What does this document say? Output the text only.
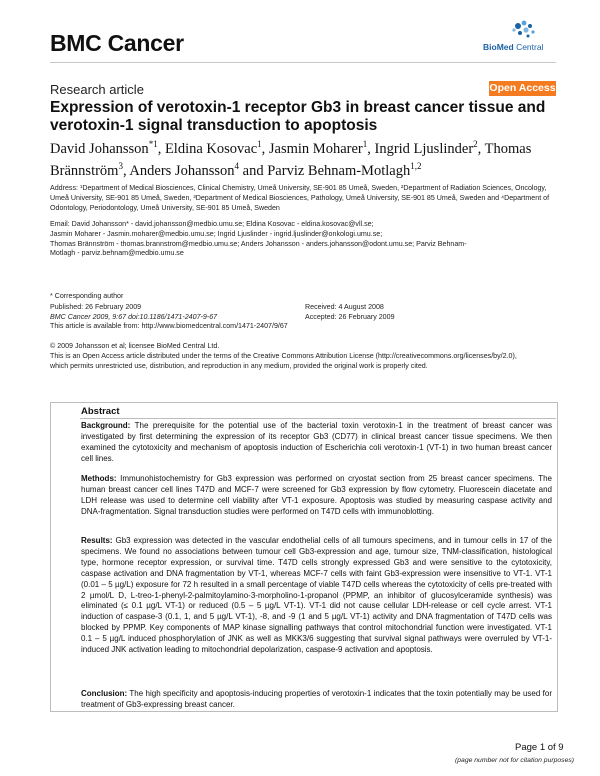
BMC Cancer	BioMed Central
Research article	Open Access
Expression of verotoxin-1 receptor Gb3 in breast cancer tissue and verotoxin-1 signal transduction to apoptosis
David Johansson$^{*1}$, Eldina Kosovac$^1$, Jasmin Moharer$^1$, Ingrid Ljuslinder$^2$, Thomas Brännström$^3$, Anders Johansson$^4$ and Parviz Behnam-Motlagh$^{1,2}$
Address: ¹Department of Medical Biosciences, Clinical Chemistry, Umeå University, SE-901 85 Umeå, Sweden, ²Department of Radiation Sciences, Oncology, Umeå University, SE-901 85 Umeå, Sweden, ³Department of Medical Biosciences, Pathology, Umeå University, SE-901 85 Umeå, Sweden and ⁴Department of Odontology, Periodontology, Umeå University, SE-901 85 Umeå, Sweden
Email: David Johansson* - david.johansson@medbio.umu.se; Eldina Kosovac - eldina.kosovac@vll.se;
Jasmin Moharer - Jasmin.moharer@medbio.umu.se; Ingrid Ljuslinder - ingrid.ljuslinder@onkologi.umu.se;
Thomas Brännström - thomas.brannstrom@medbio.umu.se; Anders Johansson - anders.johansson@odont.umu.se; Parviz Behnam-
Motlagh - parviz.behnam@medbio.umu.se
* Corresponding author
Published: 26 February 2009
BMC Cancer 2009, 9:67 doi:10.1186/1471-2407-9-67
Received: 4 August 2008
Accepted: 26 February 2009
This article is available from: http://www.biomedcentral.com/1471-2407/9/67
© 2009 Johansson et al; licensee BioMed Central Ltd.
This is an Open Access article distributed under the terms of the Creative Commons Attribution License (http://creativecommons.org/licenses/by/2.0),
which permits unrestricted use, distribution, and reproduction in any medium, provided the original work is properly cited.
Abstract
Background: The prerequisite for the potential use of the bacterial toxin verotoxin-1 in the treatment of breast cancer was investigated by first determining the expression of its receptor Gb3 (CD77) in clinical breast cancer tissue specimens. We then examined the cytotoxicity and mechanism of apoptosis induction of Escherichia coli verotoxin-1 (VT-1) in two human breast cancer cell lines.
Methods: Immunohistochemistry for Gb3 expression was performed on cryostat section from 25 breast cancer specimens. The human breast cancer cell lines T47D and MCF-7 were screened for Gb3 expression by flow cytometry. Fluorescein diacetate and LDH release was used to determine cell viability after VT-1 exposure. Apoptosis was studied by measuring caspase activity and DNA-fragmentation. Signal transduction studies were performed on T47D cells with immunoblotting.
Results: Gb3 expression was detected in the vascular endothelial cells of all tumours specimens, and in tumour cells in 17 of the specimens. We found no associations between tumour cell Gb3-expression and age, tumour size, TNM-classification, histological type, hormone receptor expression, or survival time. T47D cells strongly expressed Gb3 and were sensitive to the cytotoxicity, caspase activation and DNA fragmentation by VT-1, whereas MCF-7 cells with faint Gb3-expression were insensitive to VT-1. VT-1 (0.01 – 5 µg/L) exposure for 72 h resulted in a small percentage of viable T47D cells whereas the cytotoxicity of cells pre-treated with 2 µmol/L D, L-treo-1-phenyl-2-palmitoylamino-3-morpholino-1-propanol (PPMP, an inhibitor of glucosylceramide synthesis) was eliminated (≤ 0.1 µg/L VT-1) or reduced (0.5 – 5 µg/L VT-1). VT-1 did not cause cellular LDH-release or cell cycle arrest. VT-1 induction of caspase-3 (0.1, 1, and 5 µg/L VT-1), -8, and -9 (1 and 5 µg/L VT-1) activity and DNA fragmentation of T47D cells was blocked by PPMP. Key components of MAP kinase signalling pathways that control mitochondrial function were investigated. VT-1 0.1 – 5 µg/L induced phosphorylation of JNK as well as MKK3/6 suggesting that survival signal pathways were overruled by VT-1-induced JNK activation leading to mitochondrial depolarization, caspase-9 activation and apoptosis.
Conclusion: The high specificity and apoptosis-inducing properties of verotoxin-1 indicates that the toxin potentially may be used for treatment of Gb3-expressing breast cancer.
Page 1 of 9
(page number not for citation purposes)
